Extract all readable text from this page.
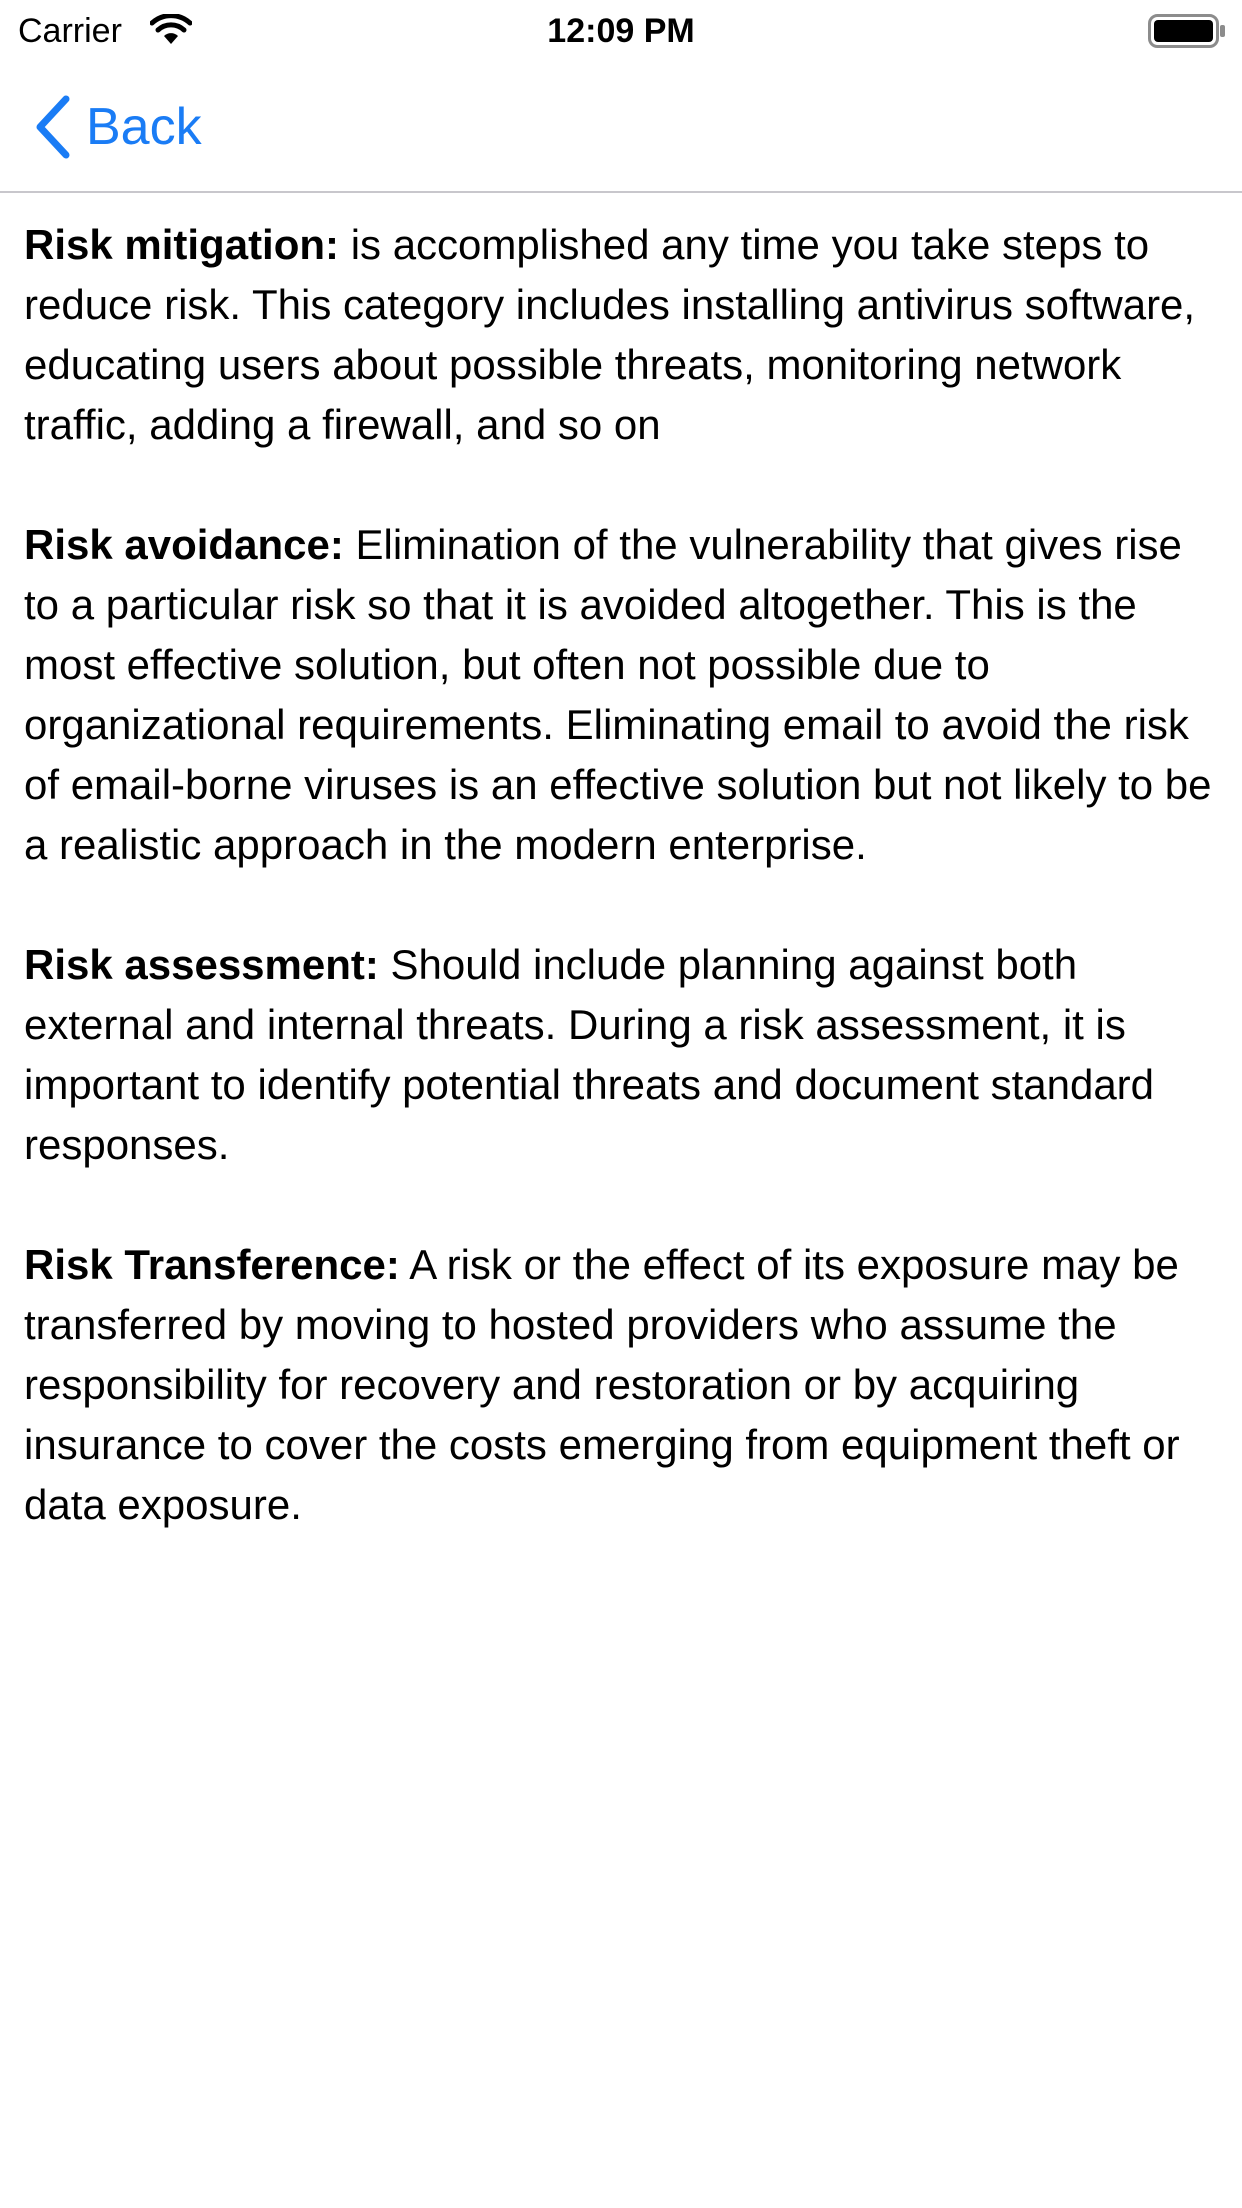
Carrier	12:09 PM
Back

Risk mitigation: is accomplished any time you take steps to reduce risk. This category includes installing antivirus software, educating users about possible threats, monitoring network traffic, adding a firewall, and so on

Risk avoidance: Elimination of the vulnerability that gives rise to a particular risk so that it is avoided altogether. This is the most effective solution, but often not possible due to organizational requirements. Eliminating email to avoid the risk of email-borne viruses is an effective solution but not likely to be a realistic approach in the modern enterprise.

Risk assessment: Should include planning against both external and internal threats. During a risk assessment, it is important to identify potential threats and document standard responses.

Risk Transference: A risk or the effect of its exposure may be transferred by moving to hosted providers who assume the responsibility for recovery and restoration or by acquiring insurance to cover the costs emerging from equipment theft or data exposure.
